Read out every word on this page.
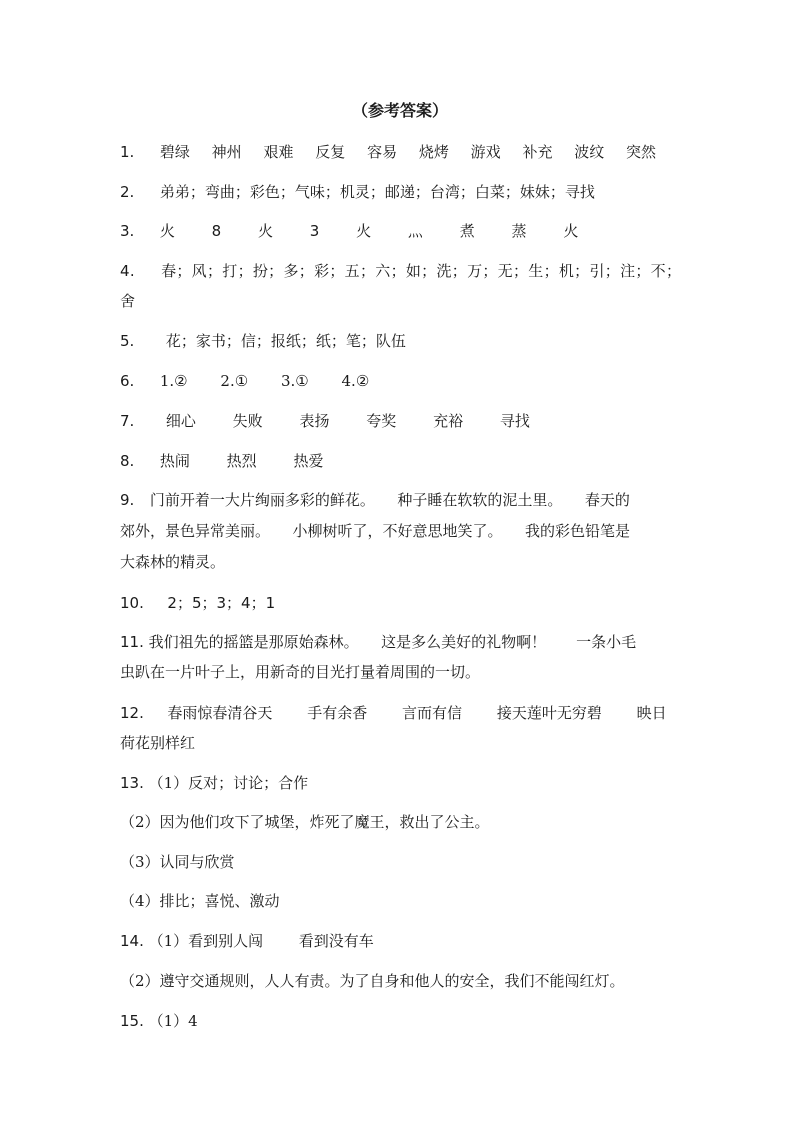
（参考答案）
1. 碧绿 神州 艰难 反复 容易 烧烤 游戏 补充 波纹 突然
2. 弟弟；弯曲；彩色；气味；机灵；邮递；台湾；白菜；妹妹；寻找
3. 火 8 火 3 火 灬 煮 蒸 火
4. 春；风；打；扮；多；彩；五；六；如；洗；万；无；生；机；引；注；不；
舍
5. 花；家书；信；报纸；纸；笔；队伍
6. 1.② 2.① 3.① 4.②
7. 细心 失败 表扬 夸奖 充裕 寻找
8. 热闹 热烈 热爱
9. 门前开着一大片绚丽多彩的鲜花。　　种子睡在软软的泥土里。　　春天的
郊外，景色异常美丽。　　小柳树听了，不好意思地笑了。　　我的彩色铅笔是
大森林的精灵。
10. 2；5；3；4；1
11. 我们祖先的摇篮是那原始森林。　　这是多么美好的礼物啊！　　一条小毛
虫趴在一片叶子上，用新奇的目光打量着周围的一切。
12. 春雨惊春清谷天 手有余香 言而有信 接天莲叶无穷碧 映日
荷花别样红
13. （1）反对；讨论；合作
（2）因为他们攻下了城堡，炸死了魔王，救出了公主。
（3）认同与欣赏
（4）排比；喜悦、激动
14. （1）看到别人闯 看到没有车
（2）遵守交通规则，人人有责。为了自身和他人的安全，我们不能闯红灯。
15. （1）4
